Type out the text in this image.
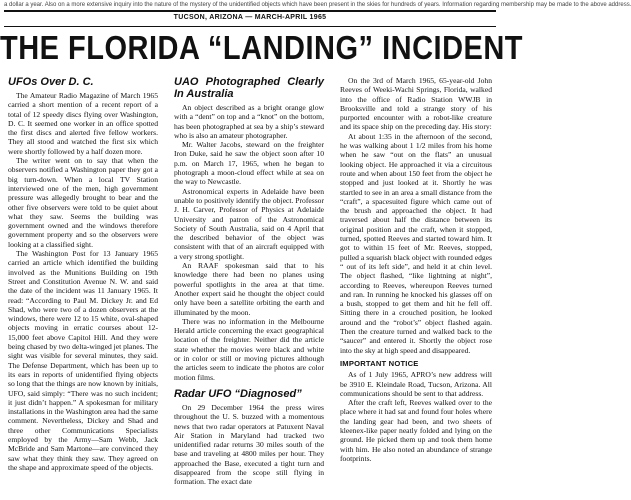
a dollar a year. Also on a more extensive inquiry into the nature of the mystery of the unidentified objects which have been present in the skies for hundreds of years. Information regarding membership may be made to the above address.
TUCSON, ARIZONA — MARCH-APRIL 1965
THE FLORIDA “LANDING” INCIDENT
UFOs Over D. C.

The Amateur Radio Magazine of March 1965 carried a short mention of a recent report of a total of 12 speedy discs flying over Washington, D. C. It seemed one worker in an office spotted the first discs and alerted five fellow workers. They all stood and watched the first six which were shortly followed by a half dozen more.

The writer went on to say that when the observers notified a Washington paper they got a big turn-down. When a local TV Station interviewed one of the men, high government pressure was allegedly brought to bear and the other five observers were told to be quiet about what they saw. Seems the building was government owned and the windows therefore government property and so the observers were looking at a classified sight.

The Washington Post for 13 January 1965 carried an article which identified the building involved as the Munitions Building on 19th Street and Constitution Avenue N. W. and said the date of the incident was 11 January 1965. It read: “According to Paul M. Dickey Jr. and Ed Shad, who were two of a dozen observers at the windows, there were 12 to 15 white, oval-shaped objects moving in erratic courses about 12-15,000 feet above Capitol Hill. And they were being chased by two delta-winged jet planes. The sight was visible for several minutes, they said. The Defense Department, which has been up to its ears in reports of unidentified flying objects so long that the things are now known by initials, UFO, said simply: “There was no such incident; it just didn’t happen.” A spokesman for military installations in the Washington area had the same comment. Nevertheless, Dickey and Shad and three other Communications Specialists employed by the Army—Sam Webb, Jack McBride and Sam Martone—are convinced they saw what they think they saw. They agreed on the shape and approximate speed of the objects.

UAO Photographed Clearly In Australia

An object described as a bright orange glow with a “dent” on top and a “knot” on the bottom, has been photographed at sea by a ship’s steward who is also an amateur photographer.

Mr. Walter Jacobs, steward on the freighter Iron Duke, said he saw the object soon after 10 p.m. on March 17, 1965, when he began to photograph a moon-cloud effect while at sea on the way to Newcastle.

Astronomical experts in Adelaide have been unable to positively identify the object. Professor J. H. Carver, Professor of Physics at Adelaide University and patron of the Astronomical Society of South Australia, said on 4 April that the described behavior of the object was consistent with that of an aircraft equipped with a very strong spotlight.

An RAAF spokesman said that to his knowledge there had been no planes using powerful spotlights in the area at that time. Another expert said he thought the object could only have been a satellite orbiting the earth and illuminated by the moon.

There was no information in the Melbourne Herald article concerning the exact geographical location of the freighter. Neither did the article state whether the movies were black and white or in color or still or moving pictures although the articles seem to indicate the photos are color motion films.

Radar UFO “Diagnosed”

On 29 December 1964 the press wires throughout the U. S. buzzed with a momentous news that two radar operators at Patuxent Naval Air Station in Maryland had tracked two unidentified radar returns 30 miles south of the base and traveling at 4800 miles per hour. They approached the Base, executed a tight turn and disappeared from the scope still flying in formation. The exact date

On the 3rd of March 1965, 65-year-old John Reeves of Weeki-Wachi Springs, Florida, walked into the office of Radio Station WWJB in Brooksville and told a strange story of his purported encounter with a robot-like creature and its space ship on the preceding day. His story:

At about 1:35 in the afternoon of the second, he was walking about 1 1/2 miles from his home when he saw “out on the flats” an unusual looking object. He approached it via a circuitous route and when about 150 feet from the object he stopped and just looked at it. Shortly he was startled to see in an area a small distance from the “craft”, a spacesuited figure which came out of the brush and approached the object. It had traversed about half the distance between its original position and the craft, when it stopped, turned, spotted Reeves and started toward him. It got to within 15 feet of Mr. Reeves, stopped, pulled a squarish black object with rounded edges “ out of its left side”, and held it at chin level. The object flashed, “like lightning at night”, according to Reeves, whereupon Reeves turned and ran. In running he knocked his glasses off on a bush, stopped to get them and hit he fell off. Sitting there in a crouched position, he looked around and the “robot’s” object flashed again. Then the creature turned and walked back to the “saucer” and entered it. Shortly the object rose into the sky at high speed and disappeared.

IMPORTANT NOTICE

As of 1 July 1965, APRO’s new address will be 3910 E. Kleindale Road, Tucson, Arizona. All communications should be sent to that address.

After the craft left, Reeves walked over to the place where it had sat and found four holes where the landing gear had been, and two sheets of kleenex-like paper neatly folded and lying on the ground. He picked them up and took them home with him. He also noted an abundance of strange footprints.
